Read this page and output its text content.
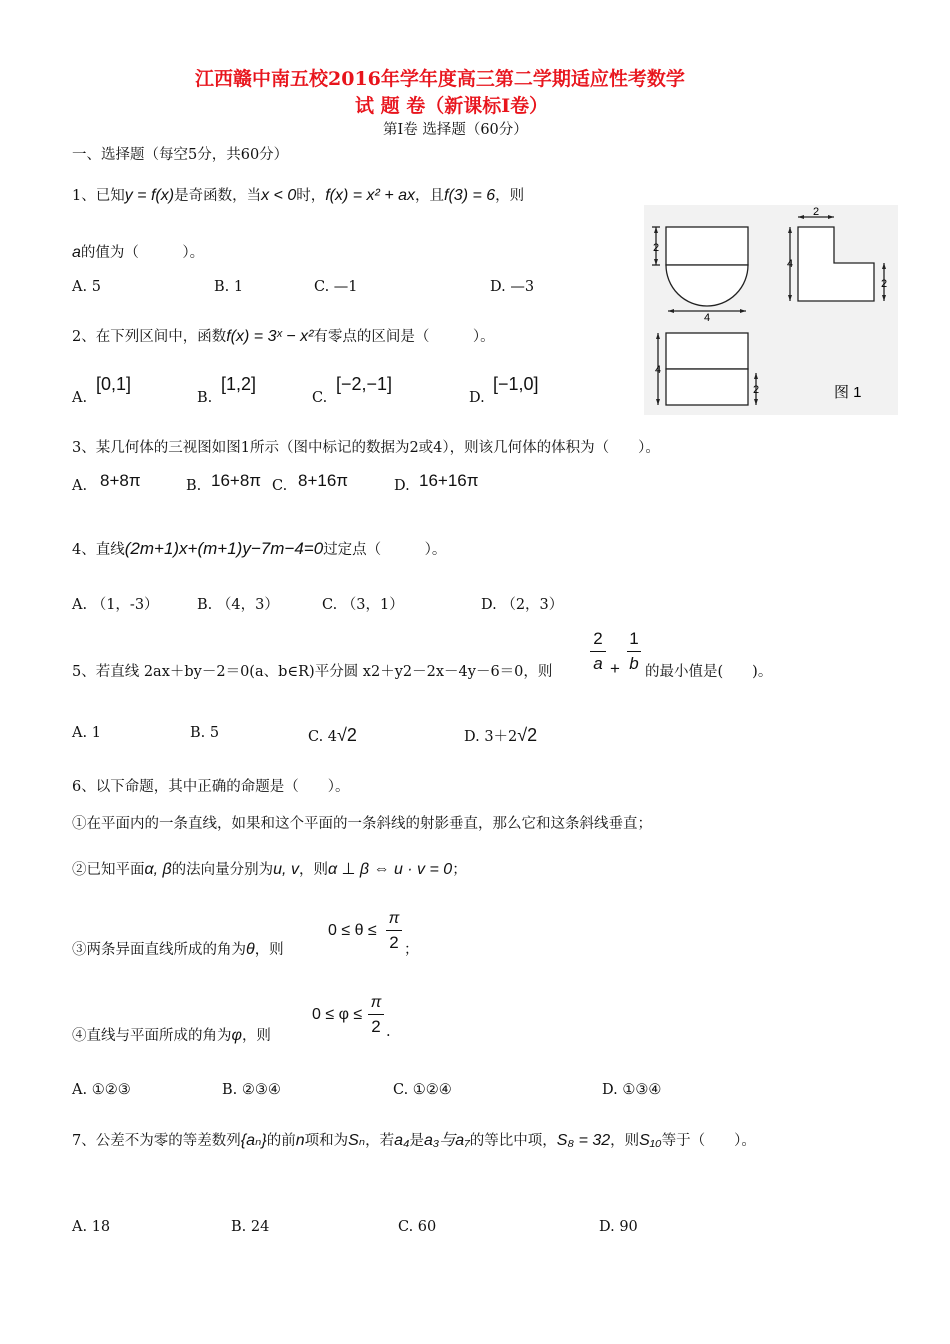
江西赣中南五校2016年学年度高三第二学期适应性考数学
试 题 卷（新课标Ⅰ卷）
第Ⅰ卷 选择题（60分）
一、选择题（每空5分，共60分）
1、已知y = f(x)是奇函数，当x < 0时，f(x) = x² + ax，且f(3) = 6，则
a的值为（　　　）。
A. 5	B. 1	C. —1	D. —3
2
4
2
4
2
4
2	图 1
2、在下列区间中，函数f(x) = 3ˣ − x²有零点的区间是（　　　）。
A.
[0,1]
B.
[1,2]
C.
[−2,−1]
D.
[−1,0]
3、某几何体的三视图如图1所示（图中标记的数据为2或4），则该几何体的体积为（　　）。
A. 8+8π	B. 16+8π C. 8+16π	D. 16+16π
4、直线(2m+1)x+(m+1)y−7m−4=0过定点（　　　）。
A. （1，-3）	B. （4，3）	C. （3，1）	D. （2，3）
5、若直线 2ax＋by－2＝0(a、b∈R)平分圆 x2＋y2－2x－4y－6＝0，则
2
a +
1
b 的最小值是(　　)。
A. 1	B. 5	C. 4√2	D. 3＋2√2
6、以下命题，其中正确的命题是（　　）。
①在平面内的一条直线，如果和这个平面的一条斜线的射影垂直，那么它和这条斜线垂直；
②已知平面α, β的法向量分别为u, v，则α ⊥ β ⇔ u · v = 0；
③两条异面直线所成的角为θ，则
0 ≤ θ ≤
π
2 ；
④直线与平面所成的角为φ，则
0 ≤ φ ≤
π
2 .
A. ①②③	B. ②③④	C. ①②④	D. ①③④
7、公差不为零的等差数列{aₙ}的前n项和为Sₙ，若a₄是a₃与a₇的等比中项，S₈ = 32，则S₁₀等于（　　）。
A. 18	B. 24	C. 60	D. 90
